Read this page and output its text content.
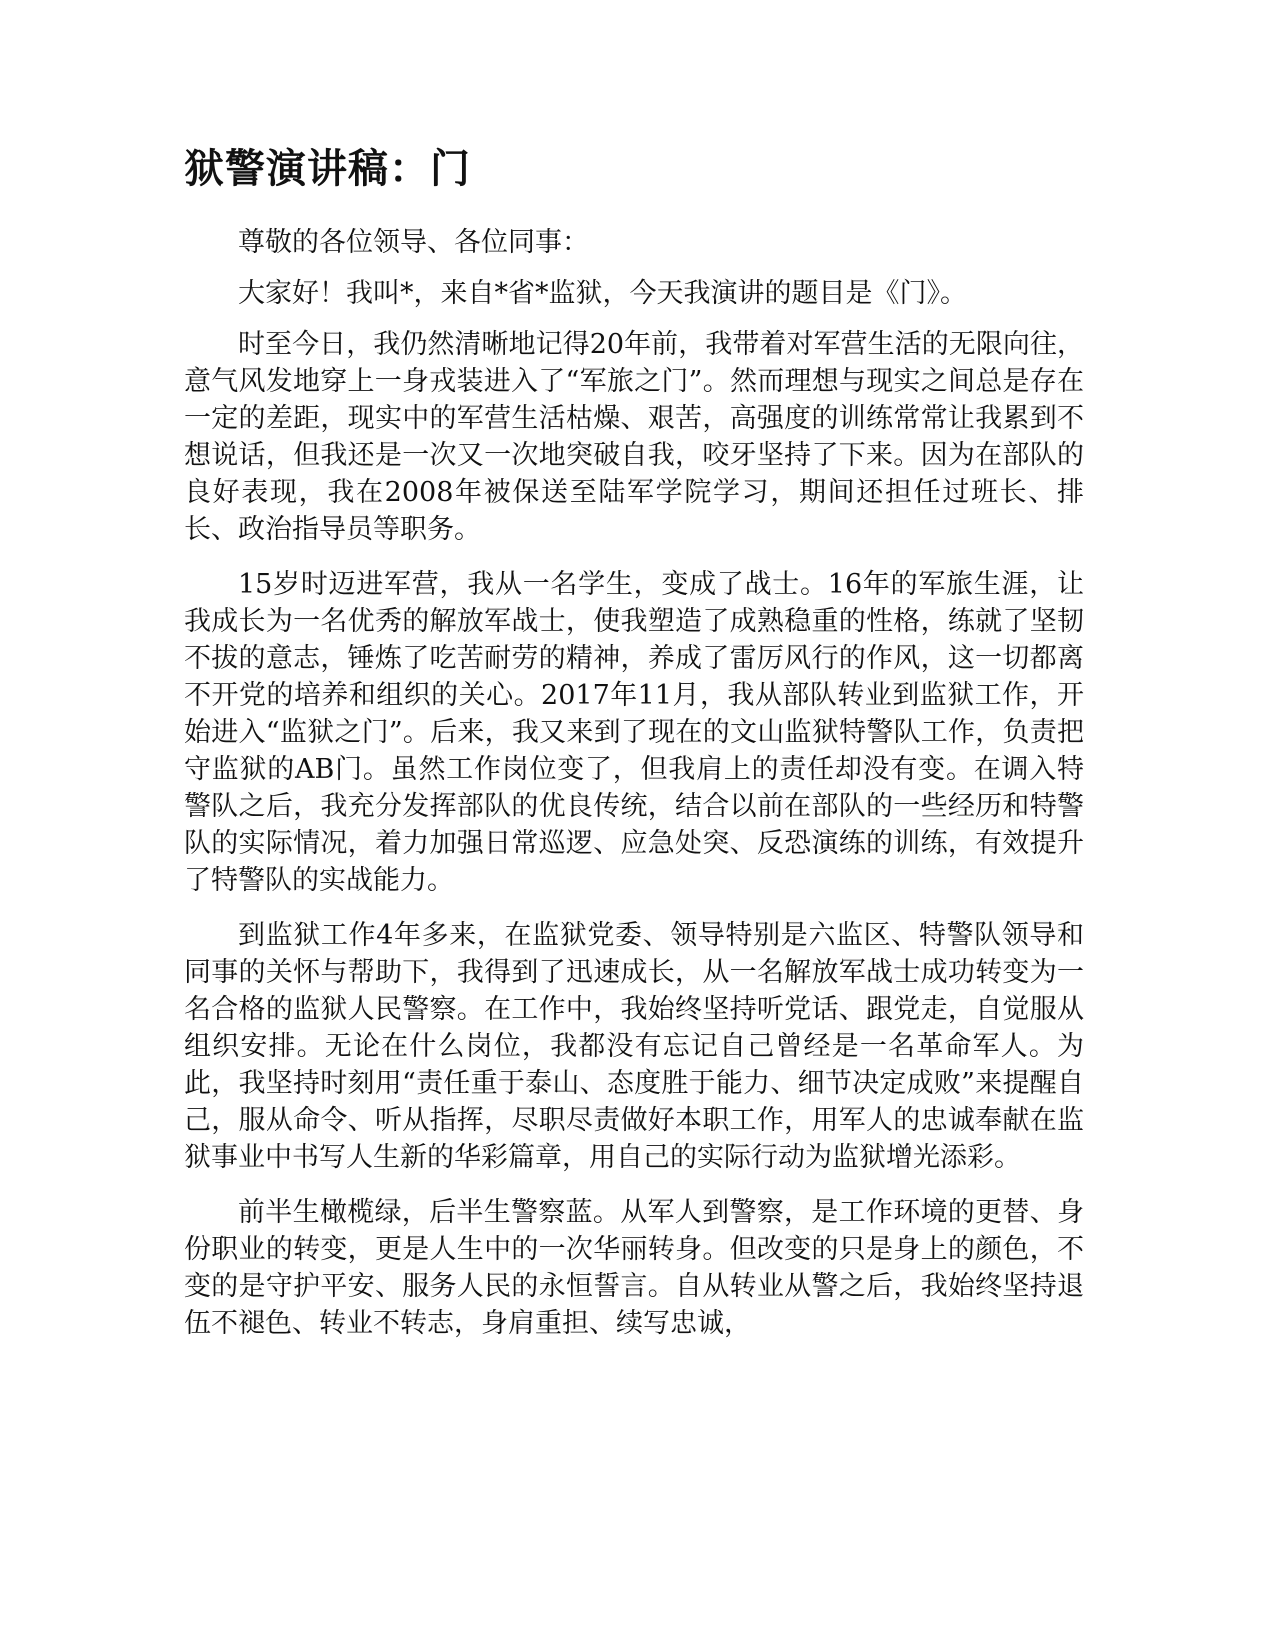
狱警演讲稿：门

尊敬的各位领导、各位同事：

大家好！我叫*，来自*省*监狱，今天我演讲的题目是《门》。

时至今日，我仍然清晰地记得20年前，我带着对军营生活的无限向往，意气风发地穿上一身戎装进入了“军旅之门”。然而理想与现实之间总是存在一定的差距，现实中的军营生活枯燥、艰苦，高强度的训练常常让我累到不想说话，但我还是一次又一次地突破自我，咬牙坚持了下来。因为在部队的良好表现，我在2008年被保送至陆军学院学习，期间还担任过班长、排长、政治指导员等职务。

15岁时迈进军营，我从一名学生，变成了战士。16年的军旅生涯，让我成长为一名优秀的解放军战士，使我塑造了成熟稳重的性格，练就了坚韧不拔的意志，锤炼了吃苦耐劳的精神，养成了雷厉风行的作风，这一切都离不开党的培养和组织的关心。2017年11月，我从部队转业到监狱工作，开始进入“监狱之门”。后来，我又来到了现在的文山监狱特警队工作，负责把守监狱的AB门。虽然工作岗位变了，但我肩上的责任却没有变。在调入特警队之后，我充分发挥部队的优良传统，结合以前在部队的一些经历和特警队的实际情况，着力加强日常巡逻、应急处突、反恐演练的训练，有效提升了特警队的实战能力。

到监狱工作4年多来，在监狱党委、领导特别是六监区、特警队领导和同事的关怀与帮助下，我得到了迅速成长，从一名解放军战士成功转变为一名合格的监狱人民警察。在工作中，我始终坚持听党话、跟党走，自觉服从组织安排。无论在什么岗位，我都没有忘记自己曾经是一名革命军人。为此，我坚持时刻用“责任重于泰山、态度胜于能力、细节决定成败”来提醒自己，服从命令、听从指挥，尽职尽责做好本职工作，用军人的忠诚奉献在监狱事业中书写人生新的华彩篇章，用自己的实际行动为监狱增光添彩。

前半生橄榄绿，后半生警察蓝。从军人到警察，是工作环境的更替、身份职业的转变，更是人生中的一次华丽转身。但改变的只是身上的颜色，不变的是守护平安、服务人民的永恒誓言。自从转业从警之后，我始终坚持退伍不褪色、转业不转志，身肩重担、续写忠诚，
